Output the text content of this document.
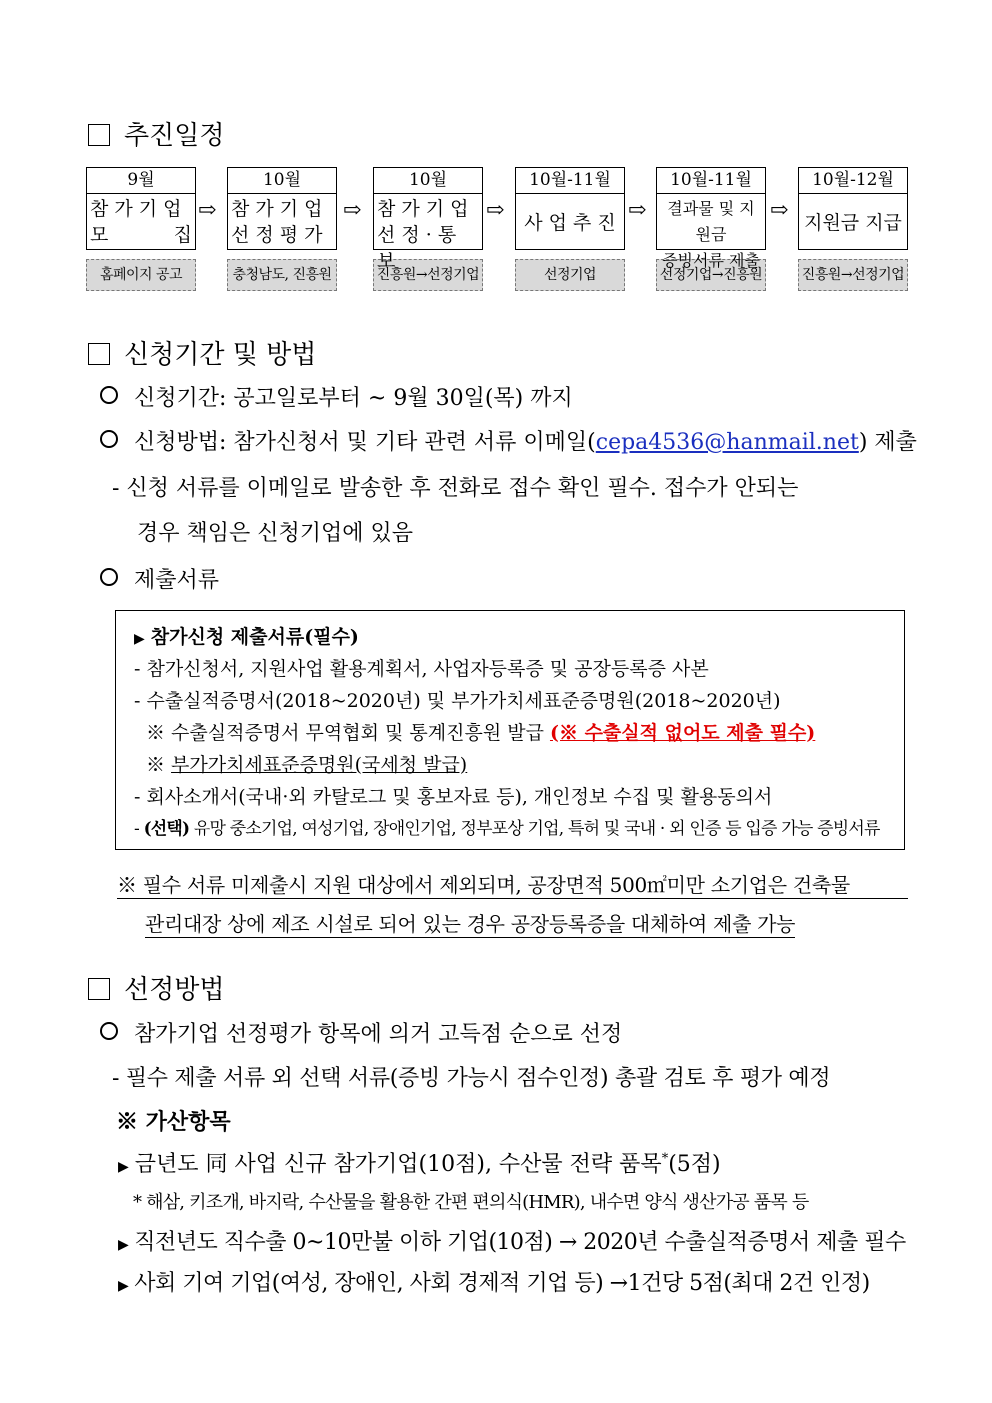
추진일정
9월
참 가 기 업
모	집
홈페이지 공고
⇨
10월
참 가 기 업
선 정 평 가
충청남도, 진흥원
⇨
10월
참 가 기 업
선 정 · 통
진흥원→선정기업
⇨
10월-11월
사 업 추 진
선정기업
⇨
10월-11월
결과물 및 지원금
선정기업→진흥원
⇨
10월-12월
지원금 지급
진흥원→선정기업
신청기간 및 방법
신청기간: 공고일로부터 ~ 9월 30일(목) 까지
신청방법: 참가신청서 및 기타 관련 서류 이메일(cepa4536@hanmail.net) 제출
- 신청 서류를 이메일로 발송한 후 전화로 접수 확인 필수. 접수가 안되는
경우 책임은 신청기업에 있음
제출서류
▶ 참가신청 제출서류(필수)
- 참가신청서, 지원사업 활용계획서, 사업자등록증 및 공장등록증 사본
- 수출실적증명서(2018~2020년) 및 부가가치세표준증명원(2018~2020년)
※ 수출실적증명서 무역협회 및 통계진흥원 발급 (※ 수출실적 없어도 제출 필수)
※ 부가가치세표준증명원(국세청 발급)
- 회사소개서(국내·외 카탈로그 및 홍보자료 등), 개인정보 수집 및 활용동의서
- (선택) 유망 중소기업, 여성기업, 장애인기업, 정부포상 기업, 특허 및 국내 · 외 인증 등 입증 가능 증빙서류
※ 필수 서류 미제출시 지원 대상에서 제외되며, 공장면적 500㎡미만 소기업은 건축물
관리대장 상에 제조 시설로 되어 있는 경우 공장등록증을 대체하여 제출 가능
선정방법
참가기업 선정평가 항목에 의거 고득점 순으로 선정
- 필수 제출 서류 외 선택 서류(증빙 가능시 점수인정) 총괄 검토 후 평가 예정
※ 가산항목
▶ 금년도 同 사업 신규 참가기업(10점), 수산물 전략 품목*(5점)
* 해삼, 키조개, 바지락, 수산물을 활용한 간편 편의식(HMR), 내수면 양식 생산가공 품목 등
▶ 직전년도 직수출 0~10만불 이하 기업(10점) → 2020년 수출실적증명서 제출 필수
▶ 사회 기여 기업(여성, 장애인, 사회 경제적 기업 등) →1건당 5점(최대 2건 인정)
